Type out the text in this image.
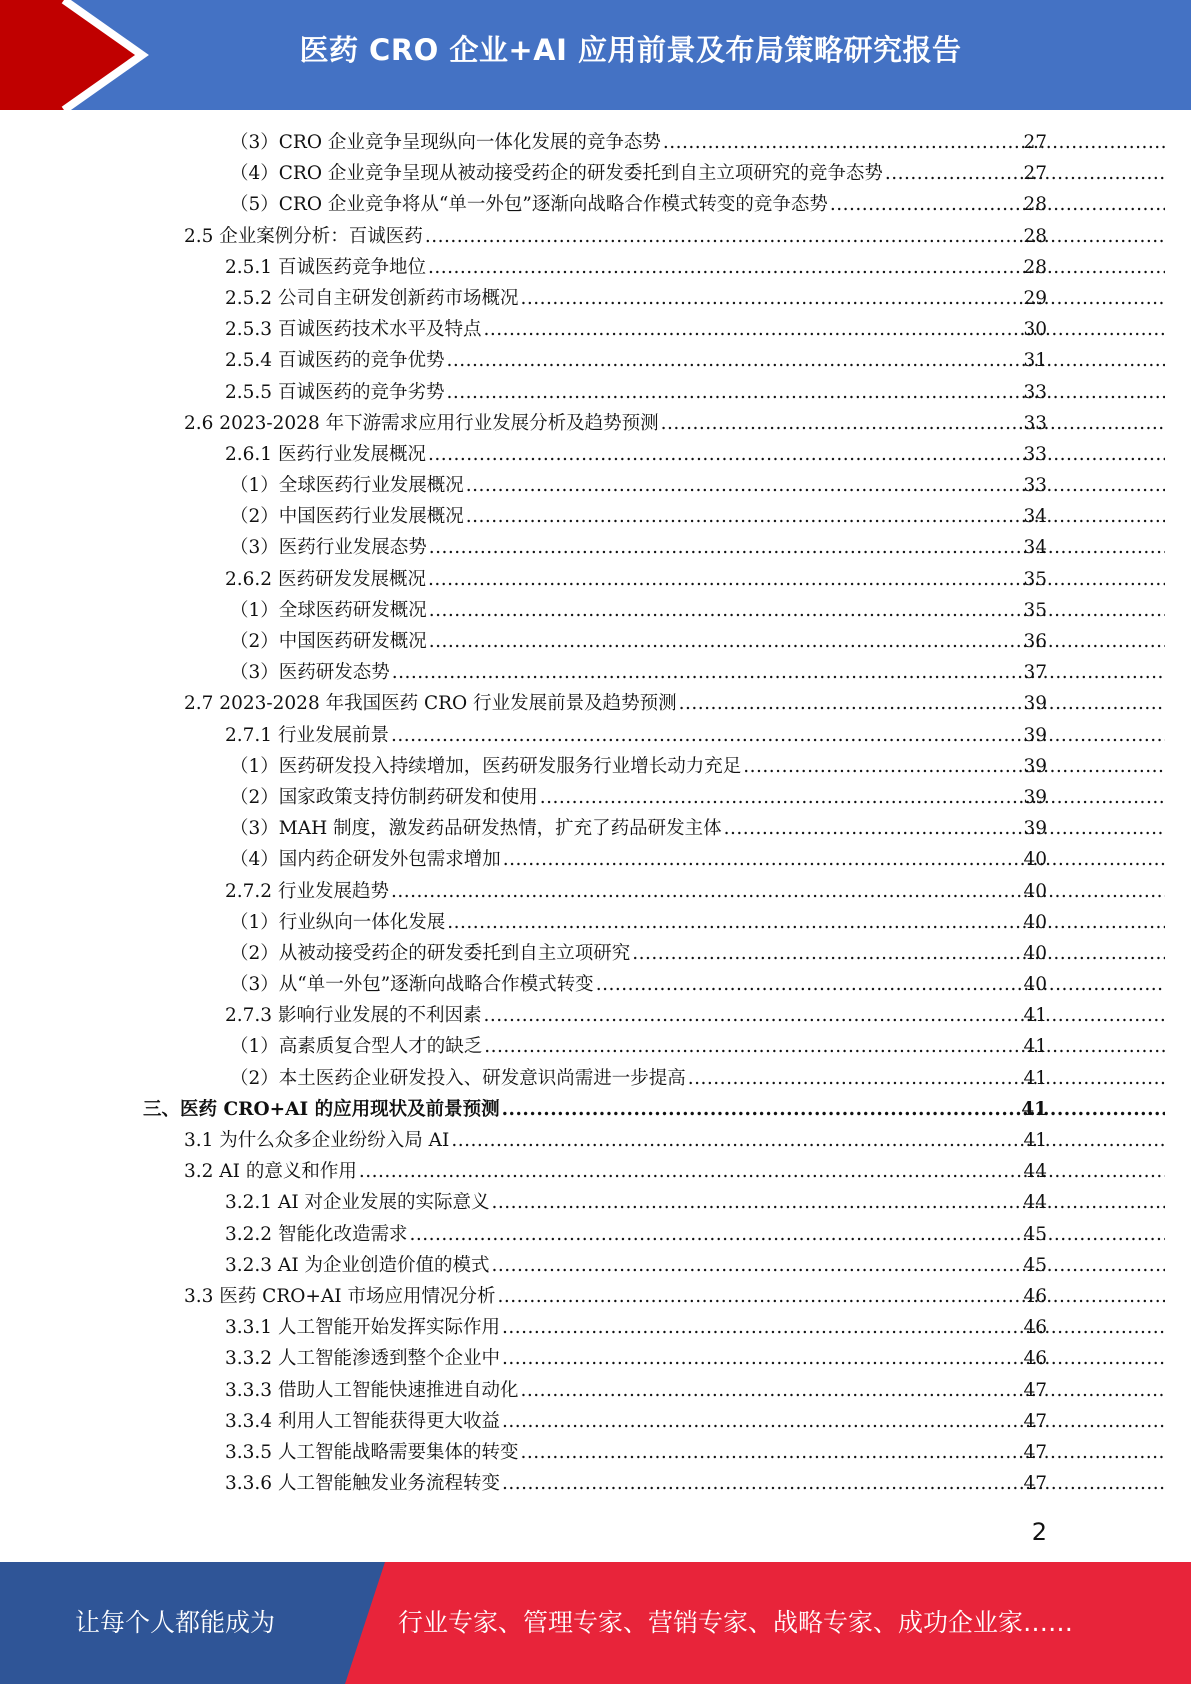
医药 CRO 企业+AI 应用前景及布局策略研究报告
（3）CRO 企业竞争呈现纵向一体化发展的竞争态势 .....	27
（4）CRO 企业竞争呈现从被动接受药企的研发委托到自主立项研究的竞争态势 .....	27
（5）CRO 企业竞争将从“单一外包”逐渐向战略合作模式转变的竞争态势 .....	28
2.5 企业案例分析：百诚医药 .....	28
2.5.1 百诚医药竞争地位 .....	28
2.5.2 公司自主研发创新药市场概况 .....	29
2.5.3 百诚医药技术水平及特点 .....	30
2.5.4 百诚医药的竞争优势 .....	31
2.5.5 百诚医药的竞争劣势 .....	33
2.6 2023-2028 年下游需求应用行业发展分析及趋势预测 .....	33
2.6.1 医药行业发展概况 .....	33
（1）全球医药行业发展概况 .....	33
（2）中国医药行业发展概况 .....	34
（3）医药行业发展态势 .....	34
2.6.2 医药研发发展概况 .....	35
（1）全球医药研发概况 .....	35
（2）中国医药研发概况 .....	36
（3）医药研发态势 .....	37
2.7 2023-2028 年我国医药 CRO 行业发展前景及趋势预测 .....	39
2.7.1 行业发展前景 .....	39
（1）医药研发投入持续增加，医药研发服务行业增长动力充足 .....	39
（2）国家政策支持仿制药研发和使用 .....	39
（3）MAH 制度，激发药品研发热情，扩充了药品研发主体 .....	39
（4）国内药企研发外包需求增加 .....	40
2.7.2 行业发展趋势 .....	40
（1）行业纵向一体化发展 .....	40
（2）从被动接受药企的研发委托到自主立项研究 .....	40
（3）从“单一外包”逐渐向战略合作模式转变 .....	40
2.7.3 影响行业发展的不利因素 .....	41
（1）高素质复合型人才的缺乏 .....	41
（2）本土医药企业研发投入、研发意识尚需进一步提高 .....	41
三、医药 CRO+AI 的应用现状及前景预测 .....	41
3.1 为什么众多企业纷纷入局 AI .....	41
3.2 AI 的意义和作用 .....	44
3.2.1 AI 对企业发展的实际意义 .....	44
3.2.2 智能化改造需求 .....	45
3.2.3 AI 为企业创造价值的模式 .....	45
3.3 医药 CRO+AI 市场应用情况分析 .....	46
3.3.1 人工智能开始发挥实际作用 .....	46
3.3.2 人工智能渗透到整个企业中 .....	46
3.3.3 借助人工智能快速推进自动化 .....	47
3.3.4 利用人工智能获得更大收益 .....	47
3.3.5 人工智能战略需要集体的转变 .....	47
3.3.6 人工智能触发业务流程转变 .....	47
2
让每个人都能成为	行业专家、管理专家、营销专家、战略专家、成功企业家……
